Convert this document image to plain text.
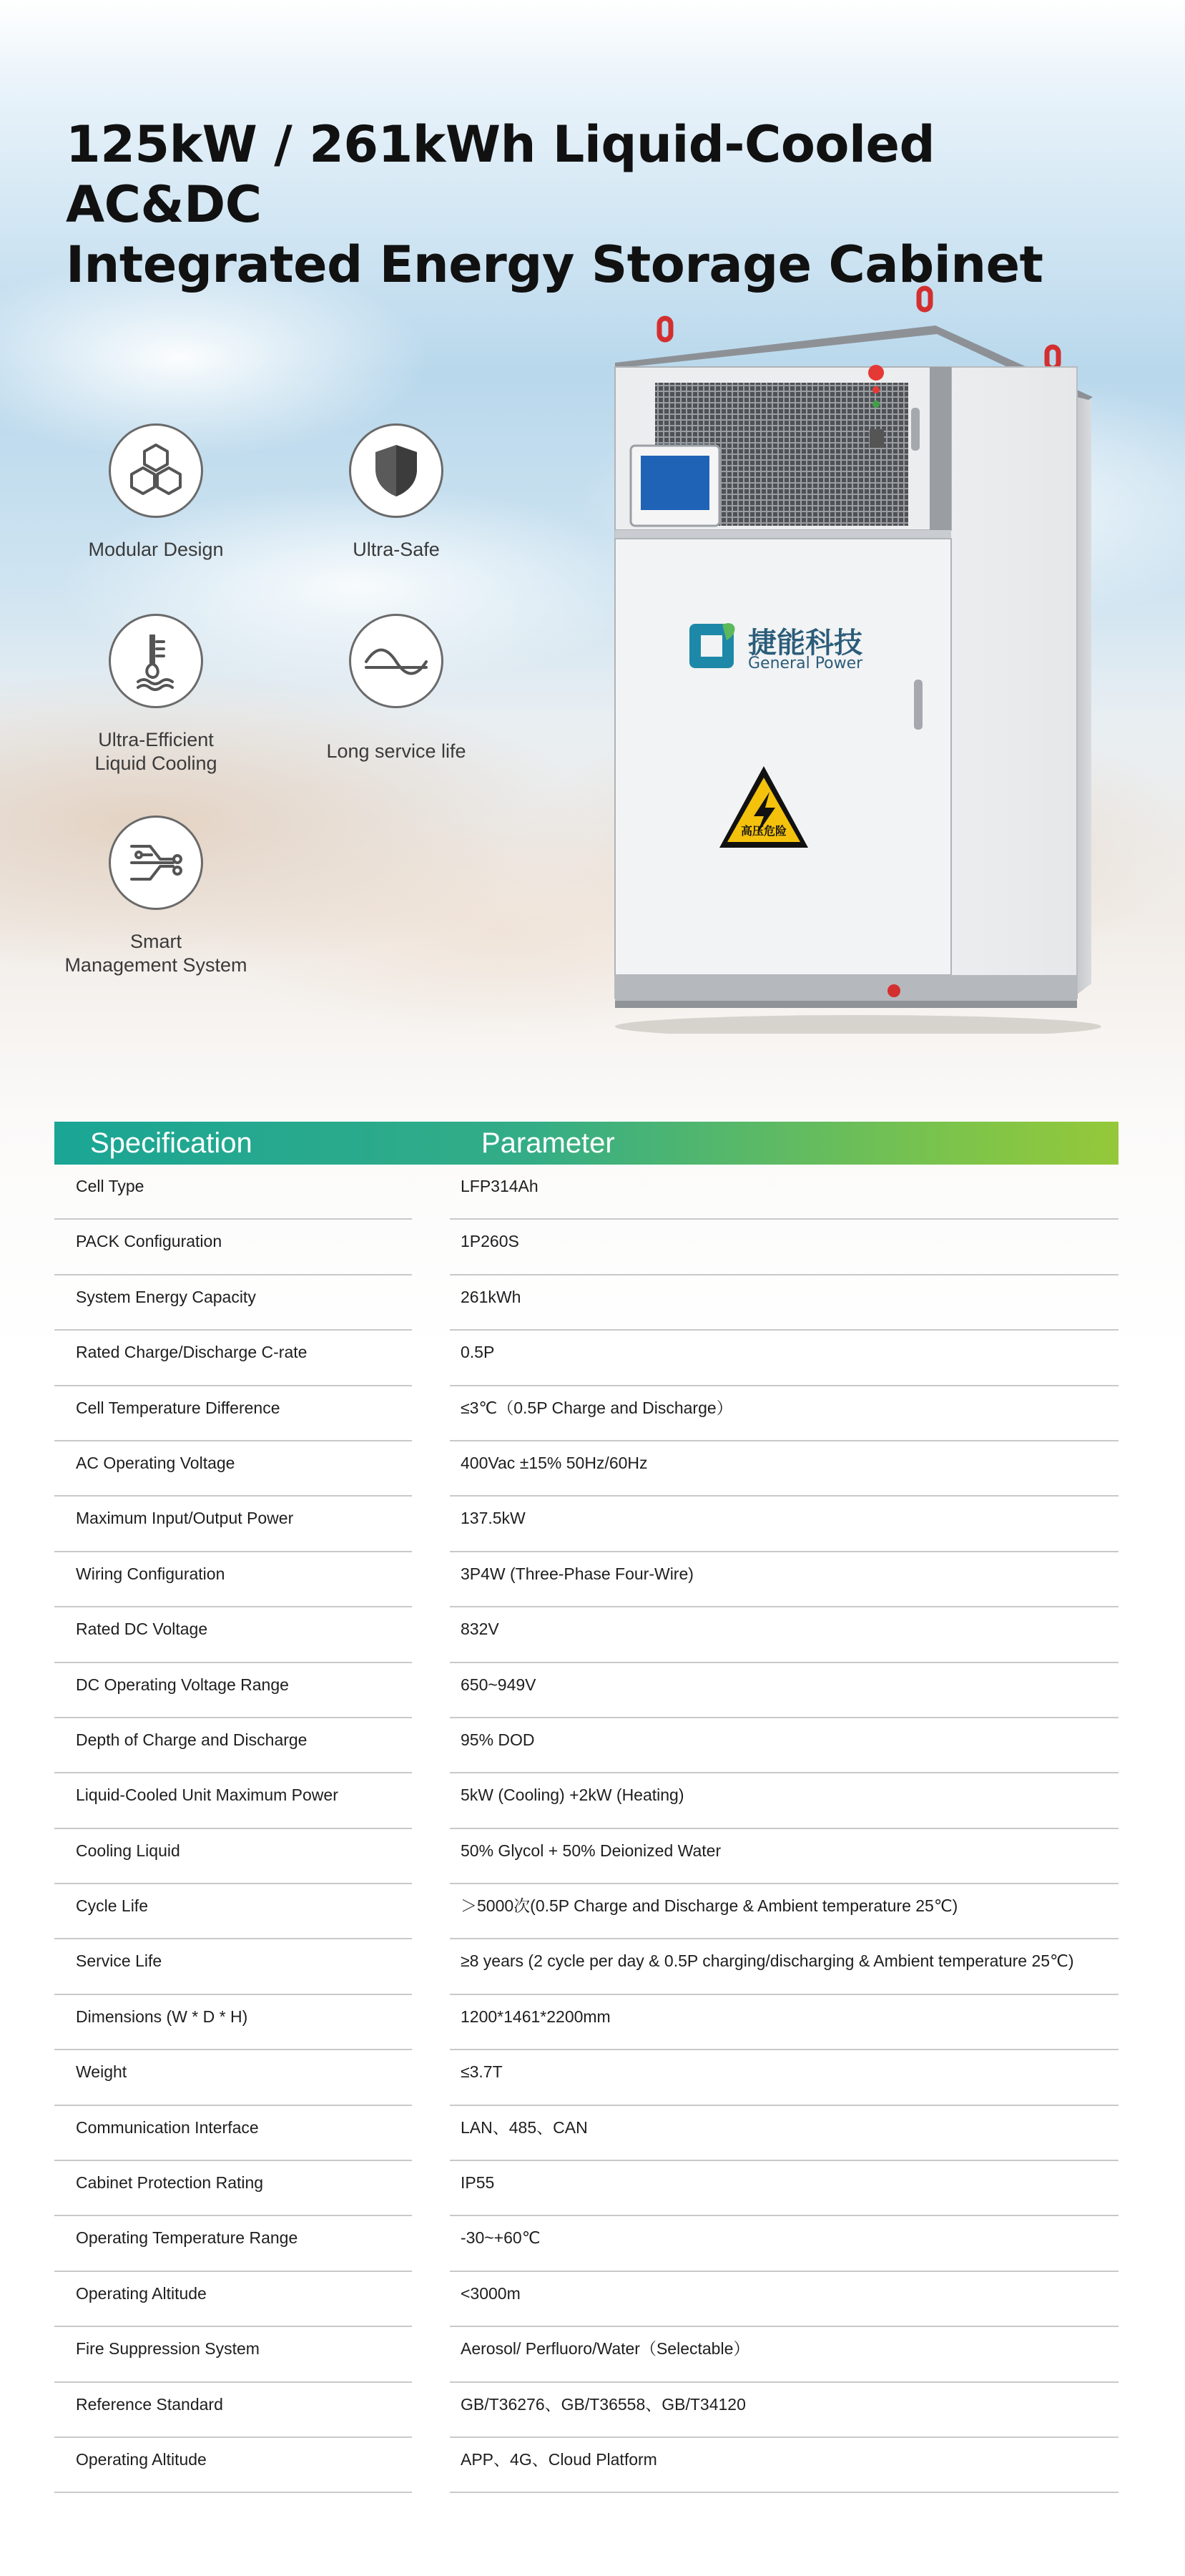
125kW / 261kWh Liquid-Cooled AC&DC
Integrated Energy Storage Cabinet
Modular Design	Ultra-Safe
Ultra-Efficient
Liquid Cooling
Long service life
Smart
Management System
捷能科技
General Power
高压危险
Specification	Parameter
Cell Type	LFP314Ah
PACK Configuration	1P260S
System Energy Capacity	261kWh
Rated Charge/Discharge C-rate	0.5P
Cell Temperature Difference	≤3℃（0.5P Charge and Discharge）
AC Operating Voltage	400Vac ±15% 50Hz/60Hz
Maximum Input/Output Power	137.5kW
Wiring Configuration	3P4W (Three-Phase Four-Wire)
Rated DC Voltage	832V
DC Operating Voltage Range	650~949V
Depth of Charge and Discharge	95% DOD
Liquid-Cooled Unit Maximum Power	5kW (Cooling) +2kW (Heating)
Cooling Liquid	50% Glycol + 50% Deionized Water
Cycle Life	＞5000次(0.5P Charge and Discharge & Ambient temperature 25℃)
Service Life	≥8 years (2 cycle per day & 0.5P charging/discharging & Ambient temperature 25℃)
Dimensions (W * D * H)	1200*1461*2200mm
Weight	≤3.7T
Communication Interface	LAN、485、CAN
Cabinet Protection Rating	IP55
Operating Temperature Range	-30~+60℃
Operating Altitude	<3000m
Fire Suppression System	Aerosol/ Perfluoro/Water（Selectable）
Reference Standard	GB/T36276、GB/T36558、GB/T34120
Operating Altitude	APP、4G、Cloud Platform
